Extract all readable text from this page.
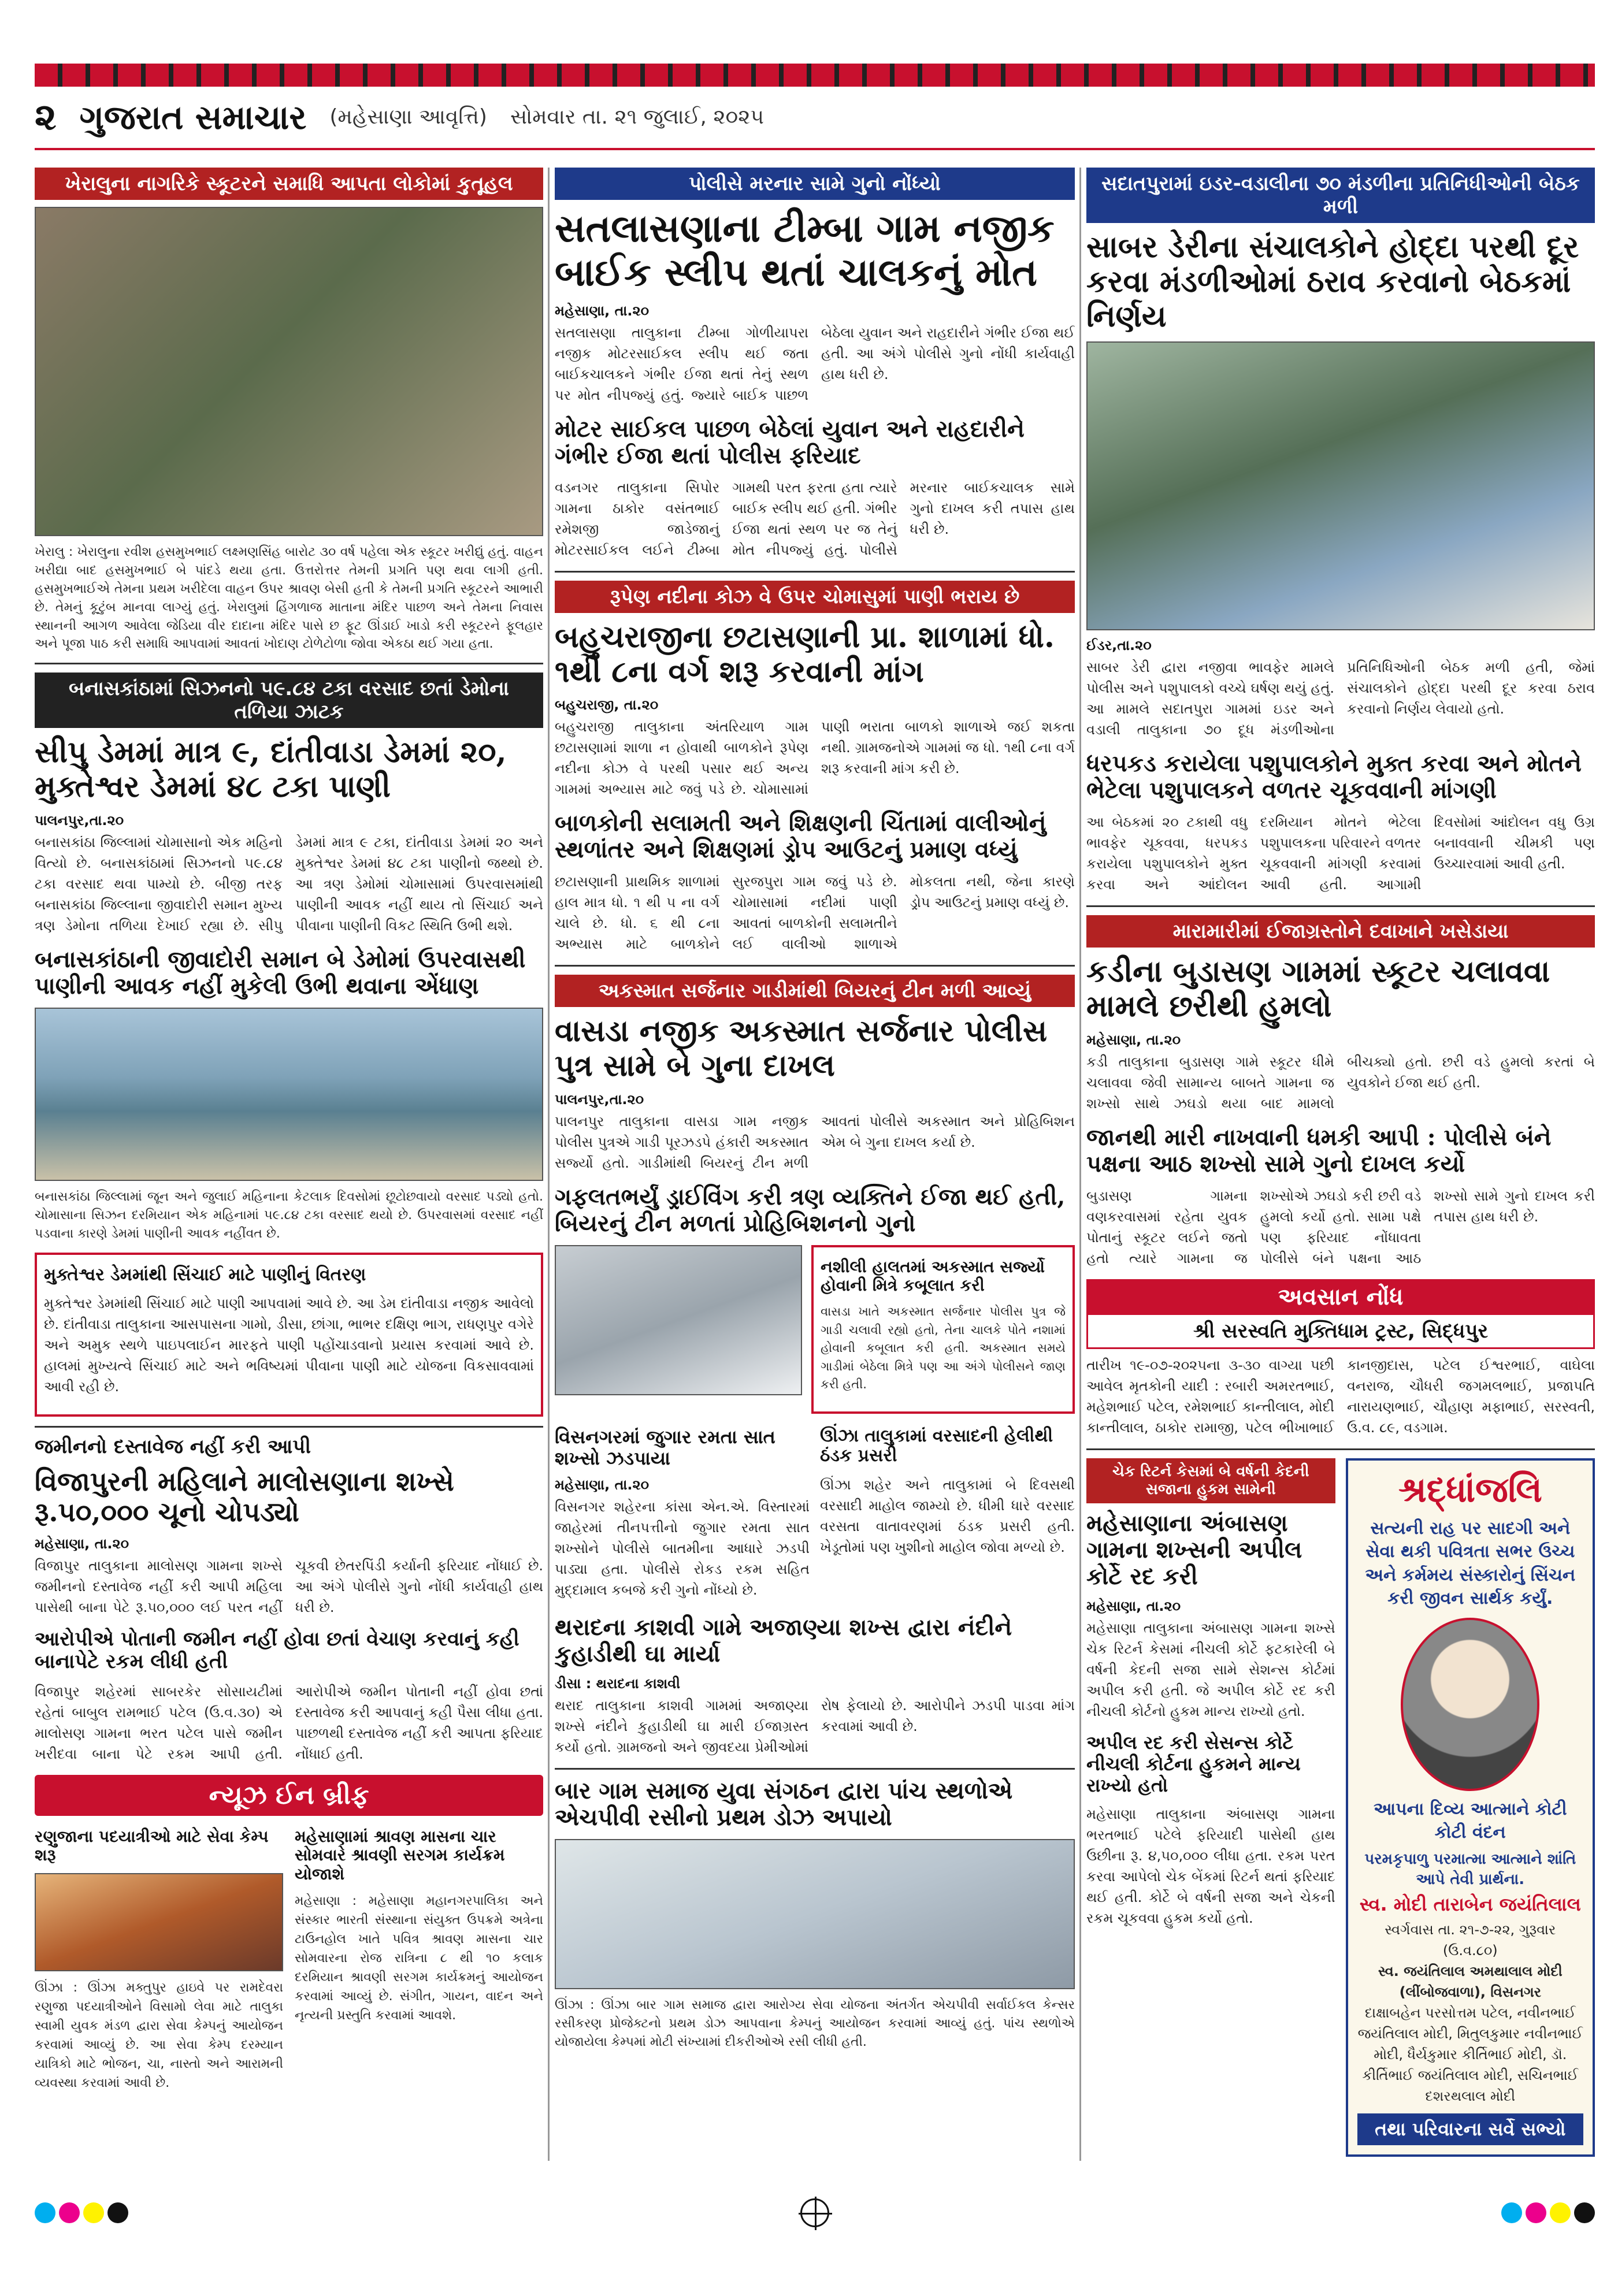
૨ ગુજરાત સમાચાર (મહેસાણા આવૃત્તિ) સોમવાર તા. ૨૧ જુલાઈ, ૨૦૨૫
ખેરાલુના નાગરિકે સ્કૂટરને સમાધિ આપતા લોકોમાં કુતૂહલ
ખેરાલુ : ખેરાલુના રવીશ હસમુખભાઈ લક્ષ્મણસિંહ બારોટ ૩૦ વર્ષ પહેલા એક સ્કૂટર ખરીદ્યું હતું. વાહન ખરીદ્યા બાદ હસમુખભાઈ બે પાંદડે થયા હતા. ઉત્તરોત્તર તેમની પ્રગતિ પણ થવા લાગી હતી. હસમુખભાઈએ તેમના પ્રથમ ખરીદેલા વાહન ઉપર શ્રાવણ બેસી હતી કે તેમની પ્રગતિ સ્કૂટરને આભારી છે. તેમનું કૂટુંબ માનવા લાગ્યું હતું. ખેરાલુમાં હિંગળાજ માતાના મંદિર પાછળ અને તેમના નિવાસ સ્થાનની આગળ આવેલા જેડિયા વીર દાદાના મંદિર પાસે છ ફૂટ ઊંડાઈ ખાડો કરી સ્કૂટરને ફૂલહાર અને પૂજા પાઠ કરી સમાધિ આપવામાં આવતાં ખોદાણ ટોળેટોળા જોવા એકઠા થઈ ગયા હતા.
બનાસકાંઠામાં સિઝનનો ૫૯.૮૪ ટકા વરસાદ છતાં ડેમોના તળિયા ઝાટક
સીપુ ડેમમાં માત્ર ૯, દાંતીવાડા ડેમમાં ૨૦, મુક્તેશ્વર ડેમમાં ૪૮ ટકા પાણી
પાલનપુર,તા.૨૦
બનાસકાંઠા જિલ્લામાં ચોમાસાનો એક મહિનો વિત્યો છે. બનાસકાંઠામાં સિઝનનો ૫૯.૮૪ ટકા વરસાદ થવા પામ્યો છે. બીજી તરફ બનાસકાંઠા જિલ્લાના જીવાદોરી સમાન મુખ્ય ત્રણ ડેમોના તળિયા દેખાઈ રહ્યા છે. સીપુ ડેમમાં માત્ર ૯ ટકા, દાંતીવાડા ડેમમાં ૨૦ અને મુક્તેશ્વર ડેમમાં ૪૮ ટકા પાણીનો જથ્થો છે. આ ત્રણ ડેમોમાં ચોમાસામાં ઉપરવાસમાંથી પાણીની આવક નહીં થાય તો સિંચાઈ અને પીવાના પાણીની વિકટ સ્થિતિ ઉભી થશે.
બનાસકાંઠાની જીવાદોરી સમાન બે ડેમોમાં ઉપરવાસથી પાણીની આવક નહીં મુકેલી ઉભી થવાના એંધાણ
બનાસકાંઠા જિલ્લામાં જૂન અને જુલાઈ મહિનાના કેટલાક દિવસોમાં છૂટોછવાયો વરસાદ પડ્યો હતો. ચોમાસાના સિઝન દરમિયાન એક મહિનામાં ૫૯.૮૪ ટકા વરસાદ થયો છે. ઉપરવાસમાં વરસાદ નહીં પડવાના કારણે ડેમમાં પાણીની આવક નહીંવત છે.
મુક્તેશ્વર ડેમમાંથી સિંચાઈ માટે પાણીનું વિતરણ
મુક્તેશ્વર ડેમમાંથી સિંચાઈ માટે પાણી આપવામાં આવે છે. આ ડેમ દાંતીવાડા નજીક આવેલો છે. દાંતીવાડા તાલુકાના આસપાસના ગામો, ડીસા, છાંગા, ભાભર દક્ષિણ ભાગ, રાધણપુર વગેરે અને અમુક સ્થળે પાઇપલાઈન મારફતે પાણી પહોંચાડવાનો પ્રયાસ કરવામાં આવે છે. હાલમાં મુખ્યત્વે સિંચાઈ માટે અને ભવિષ્યમાં પીવાના પાણી માટે યોજના વિકસાવવામાં આવી રહી છે.
જમીનનો દસ્તાવેજ નહીં કરી આપી
વિજાપુરની મહિલાને માલોસણાના શખ્સે રૂ.૫૦,૦૦૦ ચૂનો ચોપડ્યો
મહેસાણા, તા.૨૦
વિજાપુર તાલુકાના માલોસણ ગામના શખ્સે જમીનનો દસ્તાવેજ નહીં કરી આપી મહિલા પાસેથી બાના પેટે રૂ.૫૦,૦૦૦ લઈ પરત નહીં ચૂકવી છેતરપિંડી કર્યાની ફરિયાદ નોંધાઈ છે. આ અંગે પોલીસે ગુનો નોંધી કાર્યવાહી હાથ ધરી છે.
આરોપીએ પોતાની જમીન નહીં હોવા છતાં વેચાણ કરવાનું કહી બાનાપેટે રકમ લીધી હતી
વિજાપુર શહેરમાં સાબરકેર સોસાયટીમાં રહેતાં બાબુલ રામભાઈ પટેલ (ઉ.વ.૩૦) એ માલોસણ ગામના ભરત પટેલ પાસે જમીન ખરીદવા બાના પેટે રકમ આપી હતી. આરોપીએ જમીન પોતાની નહીં હોવા છતાં દસ્તાવેજ કરી આપવાનું કહી પૈસા લીધા હતા. પાછળથી દસ્તાવેજ નહીં કરી આપતા ફરિયાદ નોંધાઈ હતી.
ન્યૂઝ ઈન બ્રીફ
રણુજાના પદયાત્રીઓ માટે સેવા કેમ્પ શરૂ
ઊંઝા : ઊંઝા મક્તુપુર હાઇવે પર રામદેવરા રણુજા પદયાત્રીઓને વિસામો લેવા માટે તાલુકા સ્વામી યુવક મંડળ દ્વારા સેવા કેમ્પનું આયોજન કરવામાં આવ્યું છે. આ સેવા કેમ્પ દરમ્યાન યાત્રિકો માટે ભોજન, ચા, નાસ્તો અને આરામની વ્યવસ્થા કરવામાં આવી છે.
મહેસાણામાં શ્રાવણ માસના ચાર સોમવારે શ્રાવણી સરગમ કાર્યક્રમ યોજાશે
મહેસાણા : મહેસાણા મહાનગરપાલિકા અને સંસ્કાર ભારતી સંસ્થાના સંયુક્ત ઉપક્રમે અત્રેના ટાઉનહોલ ખાતે પવિત્ર શ્રાવણ માસના ચાર સોમવારના રોજ રાત્રિના ૮ થી ૧૦ કલાક દરમિયાન શ્રાવણી સરગમ કાર્યક્રમનું આયોજન કરવામાં આવ્યું છે. સંગીત, ગાયન, વાદન અને નૃત્યની પ્રસ્તુતિ કરવામાં આવશે.
પોલીસે મરનાર સામે ગુનો નોંધ્યો
સતલાસણાના ટીમ્બા ગામ નજીક બાઈક સ્લીપ થતાં ચાલકનું મોત
મહેસાણા, તા.૨૦
સતલાસણા તાલુકાના ટીમ્બા ગોળીયાપરા નજીક મોટરસાઈકલ સ્લીપ થઈ જતા બાઈકચાલકને ગંભીર ઈજા થતાં તેનું સ્થળ પર મોત નીપજ્યું હતું. જ્યારે બાઈક પાછળ બેઠેલા યુવાન અને રાહદારીને ગંભીર ઈજા થઈ હતી. આ અંગે પોલીસે ગુનો નોંધી કાર્યવાહી હાથ ધરી છે.
મોટર સાઈકલ પાછળ બેઠેલાં યુવાન અને રાહદારીને ગંભીર ઈજા થતાં પોલીસ ફરિયાદ
વડનગર તાલુકાના સિપોર ગામના ઠાકોર વસંતભાઈ રમેશજી જાડેજાનું મોટરસાઈકલ લઈને ટીમ્બા ગામથી પરત ફરતા હતા ત્યારે બાઈક સ્લીપ થઈ હતી. ગંભીર ઈજા થતાં સ્થળ પર જ તેનું મોત નીપજ્યું હતું. પોલીસે મરનાર બાઈકચાલક સામે ગુનો દાખલ કરી તપાસ હાથ ધરી છે.
રૂપેણ નદીના કોઝ વે ઉપર ચોમાસુમાં પાણી ભરાય છે
બહુચરાજીના છટાસણાની પ્રા. શાળામાં ધો. ૧થી ૮ના વર્ગ શરૂ કરવાની માંગ
બહુચરાજી, તા.૨૦
બહુચરાજી તાલુકાના અંતરિયાળ ગામ છટાસણામાં શાળા ન હોવાથી બાળકોને રૂપેણ નદીના કોઝ વે પરથી પસાર થઈ અન્ય ગામમાં અભ્યાસ માટે જવું પડે છે. ચોમાસામાં પાણી ભરાતા બાળકો શાળાએ જઈ શકતા નથી. ગ્રામજનોએ ગામમાં જ ધો. ૧થી ૮ના વર્ગ શરૂ કરવાની માંગ કરી છે.
બાળકોની સલામતી અને શિક્ષણની ચિંતામાં વાલીઓનું સ્થળાંતર અને શિક્ષણમાં ડ્રોપ આઉટનું પ્રમાણ વધ્યું
છટાસણાની પ્રાથમિક શાળામાં હાલ માત્ર ધો. ૧ થી ૫ ના વર્ગ ચાલે છે. ધો. ૬ થી ૮ના અભ્યાસ માટે બાળકોને સુરજપુરા ગામ જવું પડે છે. ચોમાસામાં નદીમાં પાણી આવતાં બાળકોની સલામતીને લઈ વાલીઓ શાળાએ મોકલતા નથી, જેના કારણે ડ્રોપ આઉટનું પ્રમાણ વધ્યું છે.
અકસ્માત સર્જનાર ગાડીમાંથી બિયરનું ટીન મળી આવ્યું
વાસડા નજીક અકસ્માત સર્જનાર પોલીસ પુત્ર સામે બે ગુના દાખલ
પાલનપુર,તા.૨૦
પાલનપુર તાલુકાના વાસડા ગામ નજીક પોલીસ પુત્રએ ગાડી પૂરઝડપે હંકારી અકસ્માત સર્જ્યો હતો. ગાડીમાંથી બિયરનું ટીન મળી આવતાં પોલીસે અકસ્માત અને પ્રોહિબિશન એમ બે ગુના દાખલ કર્યા છે.
ગફલતભર્યું ડ્રાઈવિંગ કરી ત્રણ વ્યક્તિને ઈજા થઈ હતી, બિયરનું ટીન મળતાં પ્રોહિબિશનનો ગુનો
નશીલી હાલતમાં અકસ્માત સર્જ્યો હોવાની મિત્રે કબૂલાત કરી
વાસડા ખાતે અકસ્માત સર્જનાર પોલીસ પુત્ર જે ગાડી ચલાવી રહ્યો હતો, તેના ચાલકે પોતે નશામાં હોવાની કબૂલાત કરી હતી. અકસ્માત સમયે ગાડીમાં બેઠેલા મિત્રે પણ આ અંગે પોલીસને જાણ કરી હતી.
વિસનગરમાં જુગાર રમતા સાત શખ્સો ઝડપાયા
મહેસાણા, તા.૨૦
વિસનગર શહેરના કાંસા એન.એ. વિસ્તારમાં જાહેરમાં તીનપત્તીનો જુગાર રમતા સાત શખ્સોને પોલીસે બાતમીના આધારે ઝડપી પાડ્યા હતા. પોલીસે રોકડ રકમ સહિત મુદ્દામાલ કબજે કરી ગુનો નોંધ્યો છે.
ઊંઝા તાલુકામાં વરસાદની હેલીથી ઠંડક પ્રસરી
ઊંઝા શહેર અને તાલુકામાં બે દિવસથી વરસાદી માહોલ જામ્યો છે. ધીમી ધારે વરસાદ વરસતા વાતાવરણમાં ઠંડક પ્રસરી હતી. ખેડૂતોમાં પણ ખુશીનો માહોલ જોવા મળ્યો છે.
થરાદના કાશવી ગામે અજાણ્યા શખ્સ દ્વારા નંદીને કુહાડીથી ઘા માર્યા
ડીસા : થરાદના કાશવી
થરાદ તાલુકાના કાશવી ગામમાં અજાણ્યા શખ્સે નંદીને કુહાડીથી ઘા મારી ઈજાગ્રસ્ત કર્યો હતો. ગ્રામજનો અને જીવદયા પ્રેમીઓમાં રોષ ફેલાયો છે. આરોપીને ઝડપી પાડવા માંગ કરવામાં આવી છે.
બાર ગામ સમાજ યુવા સંગઠન દ્વારા પાંચ સ્થળોએ એચપીવી રસીનો પ્રથમ ડોઝ અપાયો
ઊંઝા : ઊંઝા બાર ગામ સમાજ દ્વારા આરોગ્ય સેવા યોજના અંતર્ગત એચપીવી સર્વાઈકલ કેન્સર રસીકરણ પ્રોજેક્ટનો પ્રથમ ડોઝ આપવાના કેમ્પનું આયોજન કરવામાં આવ્યું હતું. પાંચ સ્થળોએ યોજાયેલા કેમ્પમાં મોટી સંખ્યામાં દીકરીઓએ રસી લીધી હતી.
સદાતપુરામાં ઇડર-વડાલીના ૭૦ મંડળીના પ્રતિનિધીઓની બેઠક મળી
સાબર ડેરીના સંચાલકોને હોદ્દા પરથી દૂર કરવા મંડળીઓમાં ઠરાવ કરવાનો બેઠકમાં નિર્ણય
ઈડર,તા.૨૦
સાબર ડેરી દ્વારા નજીવા ભાવફેર મામલે પોલીસ અને પશુપાલકો વચ્ચે ઘર્ષણ થયું હતું. આ મામલે સદાતપુરા ગામમાં ઇડર અને વડાલી તાલુકાના ૭૦ દૂધ મંડળીઓના પ્રતિનિધિઓની બેઠક મળી હતી, જેમાં સંચાલકોને હોદ્દા પરથી દૂર કરવા ઠરાવ કરવાનો નિર્ણય લેવાયો હતો.
ધરપકડ કરાયેલા પશુપાલકોને મુક્ત કરવા અને મોતને ભેટેલા પશુપાલકને વળતર ચૂકવવાની માંગણી
આ બેઠકમાં ૨૦ ટકાથી વધુ ભાવફેર ચૂકવવા, ધરપકડ કરાયેલા પશુપાલકોને મુક્ત કરવા અને આંદોલન દરમિયાન મોતને ભેટેલા પશુપાલકના પરિવારને વળતર ચૂકવવાની માંગણી કરવામાં આવી હતી. આગામી દિવસોમાં આંદોલન વધુ ઉગ્ર બનાવવાની ચીમકી પણ ઉચ્ચારવામાં આવી હતી.
મારામારીમાં ઈજાગ્રસ્તોને દવાખાને ખસેડાયા
કડીના બુડાસણ ગામમાં સ્કૂટર ચલાવવા મામલે છરીથી હુમલો
મહેસાણા, તા.૨૦
કડી તાલુકાના બુડાસણ ગામે સ્કૂટર ધીમે ચલાવવા જેવી સામાન્ય બાબતે ગામના જ શખ્સો સાથે ઝઘડો થયા બાદ મામલો બીચક્યો હતો. છરી વડે હુમલો કરતાં બે યુવકોને ઈજા થઈ હતી.
જાનથી મારી નાખવાની ધમકી આપી : પોલીસે બંને પક્ષના આઠ શખ્સો સામે ગુનો દાખલ કર્યો
બુડાસણ ગામના વણકરવાસમાં રહેતા યુવક પોતાનું સ્કૂટર લઈને જતો હતો ત્યારે ગામના જ શખ્સોએ ઝઘડો કરી છરી વડે હુમલો કર્યો હતો. સામા પક્ષે પણ ફરિયાદ નોંધાવતા પોલીસે બંને પક્ષના આઠ શખ્સો સામે ગુનો દાખલ કરી તપાસ હાથ ધરી છે.
અવસાન નોંધ
શ્રી સરસ્વતિ મુક્તિધામ ટ્રસ્ટ, સિદ્ધપુર
તારીખ ૧૯-૦૭-૨૦૨૫ના ૩-૩૦ વાગ્યા પછી આવેલ મૃતકોની યાદી : રબારી અમરતભાઈ, મહેશભાઈ પટેલ, રમેશભાઈ કાન્તીલાલ, મોદી કાન્તીલાલ, ઠાકોર રામાજી, પટેલ ભીખાભાઈ કાનજીદાસ, પટેલ ઈશ્વરભાઈ, વાઘેલા વનરાજ, ચૌધરી જગમલભાઈ, પ્રજાપતિ નારાયણભાઈ, ચૌહાણ મફાભાઈ, સરસ્વતી, ઉ.વ. ૮૯, વડગામ.
ચેક રિટર્ન કેસમાં બે વર્ષની કેદની સજાના હુકમ સામેની
મહેસાણાના અંબાસણ ગામના શખ્સની અપીલ કોર્ટે રદ કરી
મહેસાણા, તા.૨૦
મહેસાણા તાલુકાના અંબાસણ ગામના શખ્સે ચેક રિટર્ન કેસમાં નીચલી કોર્ટે ફટકારેલી બે વર્ષની કેદની સજા સામે સેશન્સ કોર્ટમાં અપીલ કરી હતી. જે અપીલ કોર્ટે રદ કરી નીચલી કોર્ટનો હુકમ માન્ય રાખ્યો હતો.
અપીલ રદ કરી સેસન્સ કોર્ટે નીચલી કોર્ટના હુકમને માન્ય રાખ્યો હતો
મહેસાણા તાલુકાના અંબાસણ ગામના ભરતભાઈ પટેલે ફરિયાદી પાસેથી હાથ ઉછીના રૂ. ૪,૫૦,૦૦૦ લીધા હતા. રકમ પરત કરવા આપેલો ચેક બેંકમાં રિટર્ન થતાં ફરિયાદ થઈ હતી. કોર્ટે બે વર્ષની સજા અને ચેકની રકમ ચૂકવવા હુકમ કર્યો હતો.
શ્રદ્ધાંજલિ
સત્યની રાહ પર સાદગી અને સેવા થકી પવિત્રતા સભર ઉચ્ચ અને કર્મમય સંસ્કારોનું સિંચન કરી જીવન સાર્થક કર્યું.
આપના દિવ્ય આત્માને કોટી કોટી વંદન
પરમકૃપાળુ પરમાત્મા આત્માને શાંતિ આપે તેવી પ્રાર્થના.
સ્વ. મોદી તારાબેન જયંતિલાલ
સ્વર્ગવાસ તા. ૨૧-૭-૨૨, ગુરૂવાર (ઉ.વ.૮૦)
સ્વ. જયંતિલાલ અમથાલાલ મોદી (લીંબોજવાળા), વિસનગર
દાક્ષાબહેન પરસોત્તમ પટેલ, નવીનભાઈ જયંતિલાલ મોદી, મિતુલકુમાર નવીનભાઈ મોદી, ધૈર્યકુમાર કીર્તિભાઈ મોદી, ડૉ. કીર્તિભાઈ જયંતિલાલ મોદી, સચિનભાઈ દશરથલાલ મોદી
તથા પરિવારના સર્વે સભ્યો
